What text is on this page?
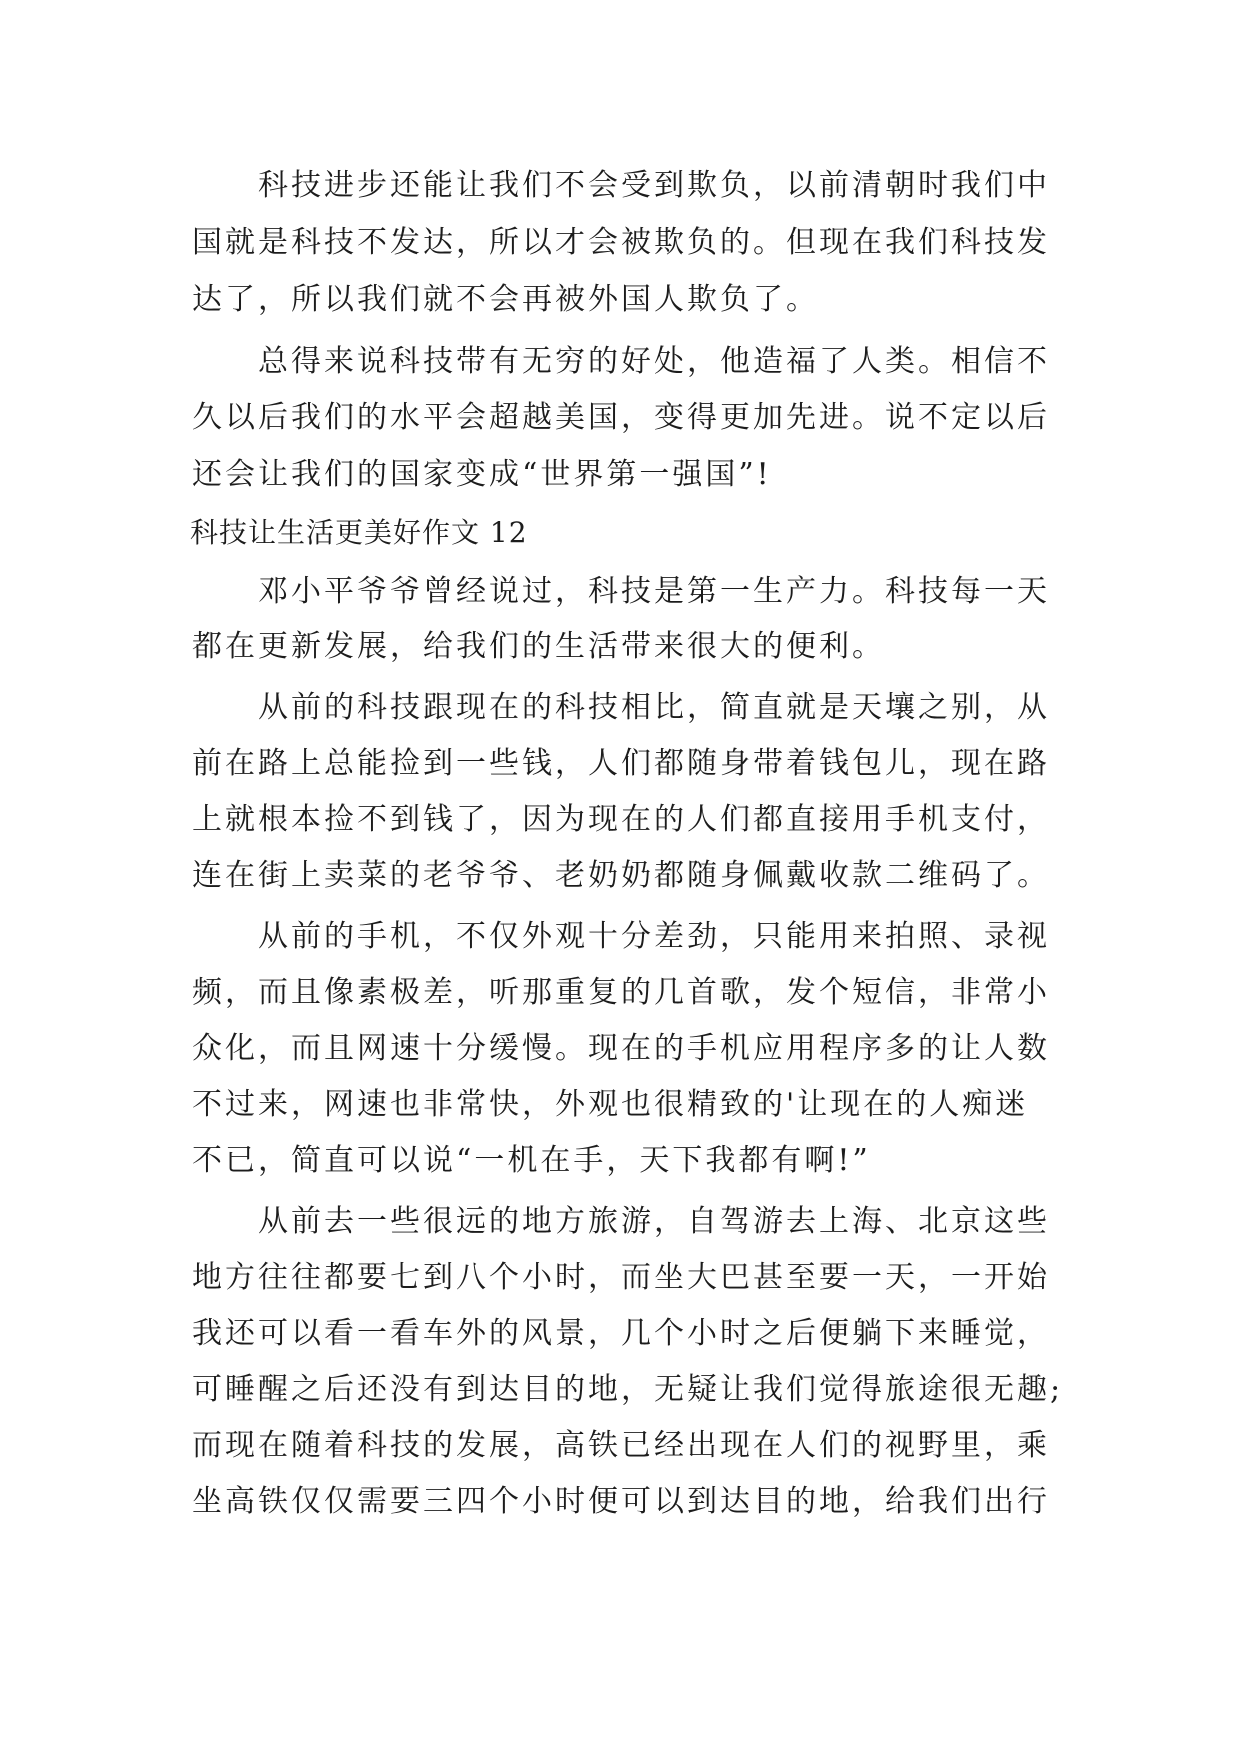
科技进步还能让我们不会受到欺负，以前清朝时我们中
国就是科技不发达，所以才会被欺负的。但现在我们科技发
达了，所以我们就不会再被外国人欺负了。
总得来说科技带有无穷的好处，他造福了人类。相信不
久以后我们的水平会超越美国，变得更加先进。说不定以后
还会让我们的国家变成“世界第一强国”!
科技让生活更美好作文 12
邓小平爷爷曾经说过，科技是第一生产力。科技每一天
都在更新发展，给我们的生活带来很大的便利。
从前的科技跟现在的科技相比，简直就是天壤之别，从
前在路上总能捡到一些钱，人们都随身带着钱包儿，现在路
上就根本捡不到钱了，因为现在的人们都直接用手机支付，
连在街上卖菜的老爷爷、老奶奶都随身佩戴收款二维码了。
从前的手机，不仅外观十分差劲，只能用来拍照、录视
频，而且像素极差，听那重复的几首歌，发个短信，非常小
众化，而且网速十分缓慢。现在的手机应用程序多的让人数
不过来，网速也非常快，外观也很精致的'让现在的人痴迷
不已，简直可以说“一机在手，天下我都有啊!”
从前去一些很远的地方旅游，自驾游去上海、北京这些
地方往往都要七到八个小时，而坐大巴甚至要一天，一开始
我还可以看一看车外的风景，几个小时之后便躺下来睡觉，
可睡醒之后还没有到达目的地，无疑让我们觉得旅途很无趣;
而现在随着科技的发展，高铁已经出现在人们的视野里，乘
坐高铁仅仅需要三四个小时便可以到达目的地，给我们出行
